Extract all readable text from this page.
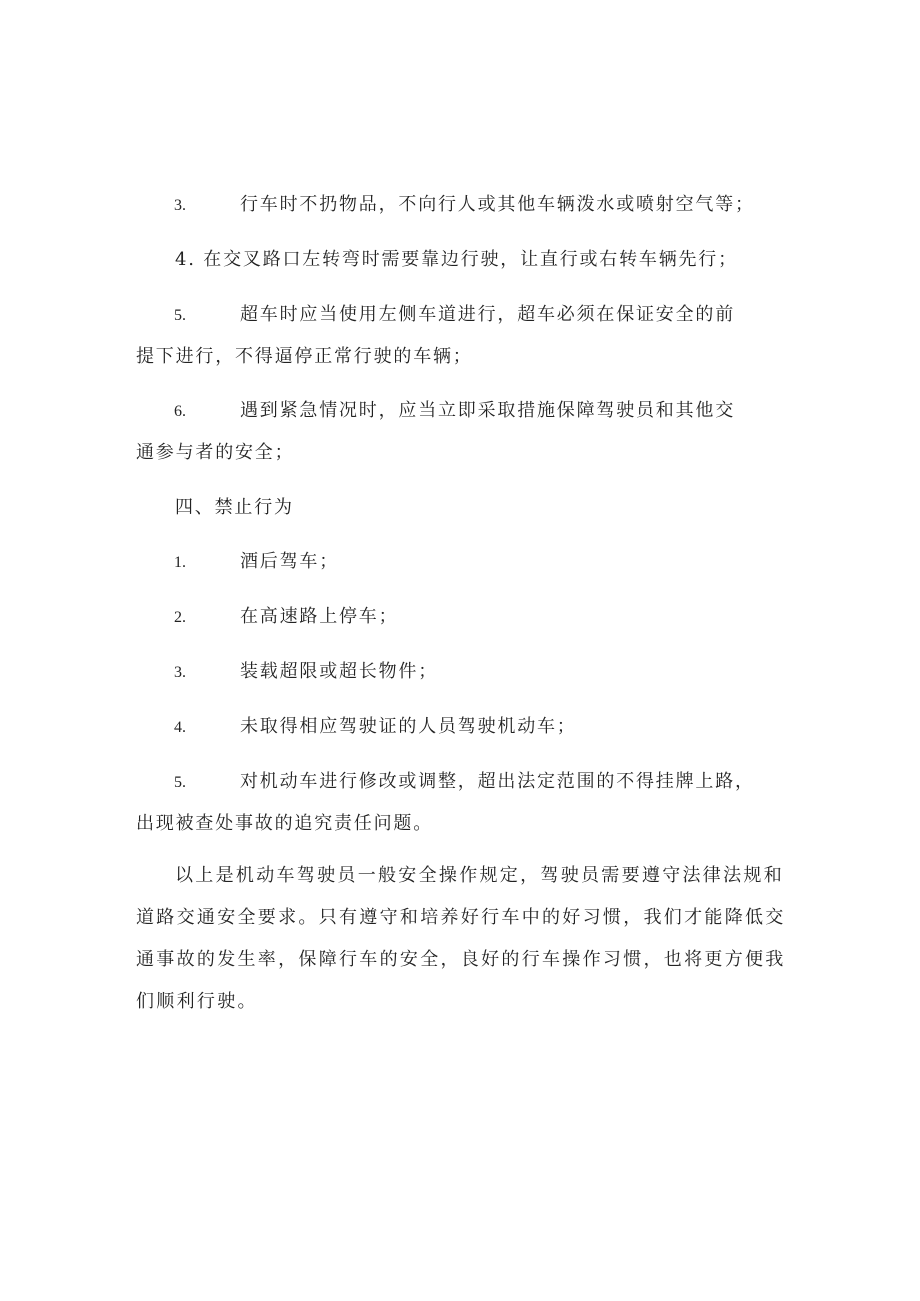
3.	行车时不扔物品，不向行人或其他车辆泼水或喷射空气等；
4. 在交叉路口左转弯时需要靠边行驶，让直行或右转车辆先行；
5.	超车时应当使用左侧车道进行，超车必须在保证安全的前
提下进行，不得逼停正常行驶的车辆；
6.	遇到紧急情况时，应当立即采取措施保障驾驶员和其他交
通参与者的安全；
四、禁止行为
1.	酒后驾车；
2.	在高速路上停车；
3.	装载超限或超长物件；
4.	未取得相应驾驶证的人员驾驶机动车；
5.	对机动车进行修改或调整，超出法定范围的不得挂牌上路，
出现被查处事故的追究责任问题。
以上是机动车驾驶员一般安全操作规定，驾驶员需要遵守法律法规和
道路交通安全要求。只有遵守和培养好行车中的好习惯，我们才能降低交
通事故的发生率，保障行车的安全，良好的行车操作习惯，也将更方便我
们顺利行驶。
